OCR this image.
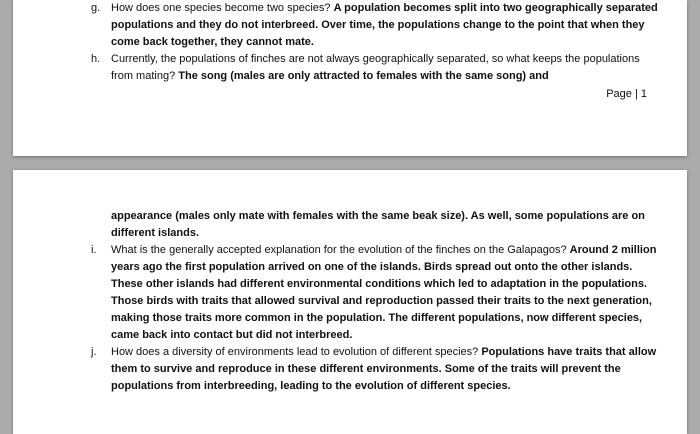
g. How does one species become two species? A population becomes split into two geographically separated populations and they do not interbreed. Over time, the populations change to the point that when they come back together, they cannot mate.

h. Currently, the populations of finches are not always geographically separated, so what keeps the populations from mating? The song (males are only attracted to females with the same song) and

Page | 1

appearance (males only mate with females with the same beak size). As well, some populations are on different islands.

i. What is the generally accepted explanation for the evolution of the finches on the Galapagos? Around 2 million years ago the first population arrived on one of the islands. Birds spread out onto the other islands. These other islands had different environmental conditions which led to adaptation in the populations. Those birds with traits that allowed survival and reproduction passed their traits to the next generation, making those traits more common in the population. The different populations, now different species, came back into contact but did not interbreed.

j. How does a diversity of environments lead to evolution of different species? Populations have traits that allow them to survive and reproduce in these different environments. Some of the traits will prevent the populations from interbreeding, leading to the evolution of different species.
